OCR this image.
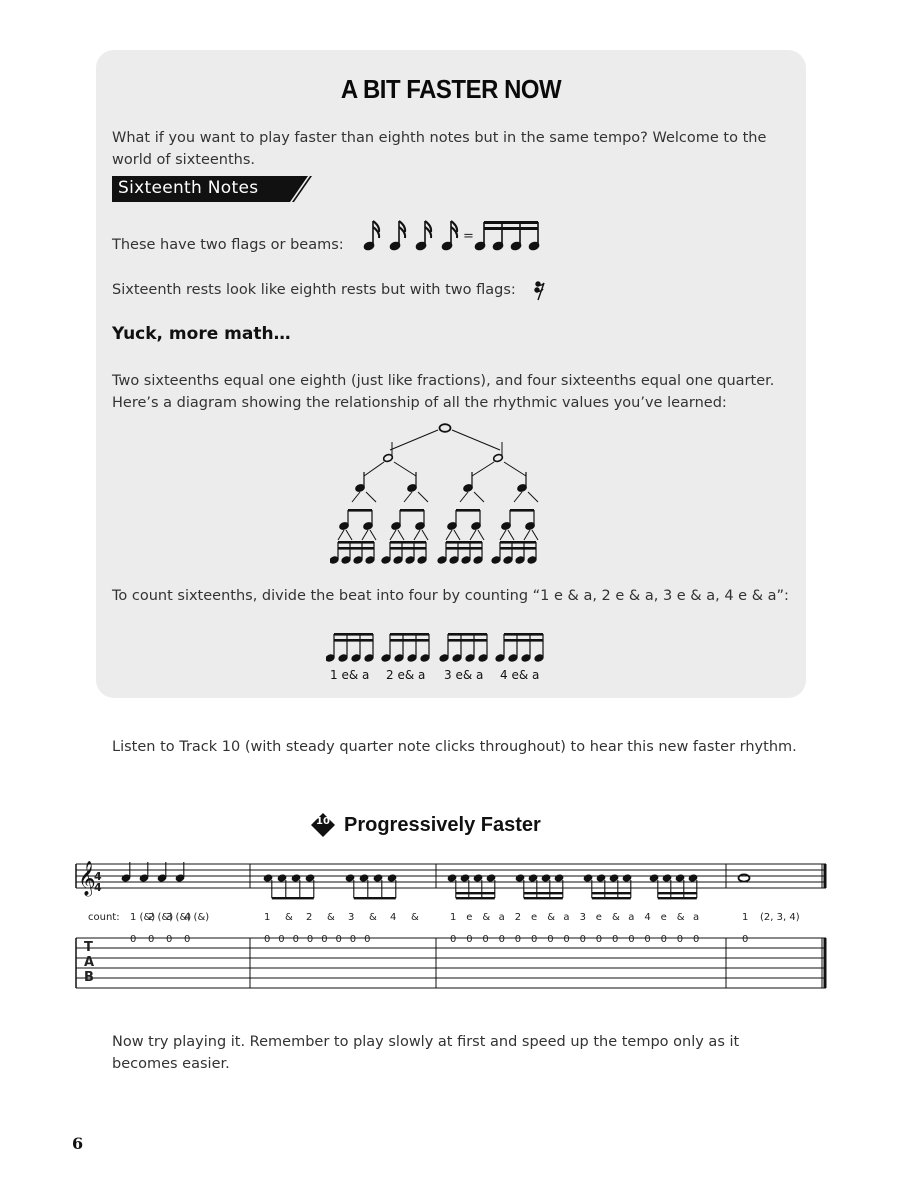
A BIT FASTER NOW
What if you want to play faster than eighth notes but in the same tempo? Welcome to the world of sixteenths.
Sixteenth Notes
These have two flags or beams:
=
Sixteenth rests look like eighth rests but with two flags:
Yuck, more math…
Two sixteenths equal one eighth (just like fractions), and four sixteenths equal one quarter. Here’s a diagram showing the relationship of all the rhythmic values you’ve learned:
To count sixteenths, divide the beat into four by counting “1 e & a, 2 e & a, 3 e & a, 4 e & a”:
1 e& a 2 e& a 3 e& a 4 e& a
Listen to Track 10 (with steady quarter note clicks throughout) to hear this new faster rhythm.
10 Progressively Faster
𝄞
4
4
count: 1 (&)
2 (&)
3 (&)
4 (&)	1 & 2 & 3 & 4 &	1 e & a 2 e & a 3 e & a 4 e & a	1 (2, 3, 4)
0 0 0 0	0 0 0 0 0 0 0 0	0 0 0 0 0 0 0 0 0 0 0 0 0 0 0 0	0
T
A
B
Now try playing it. Remember to play slowly at first and speed up the tempo only as it becomes easier.
6
